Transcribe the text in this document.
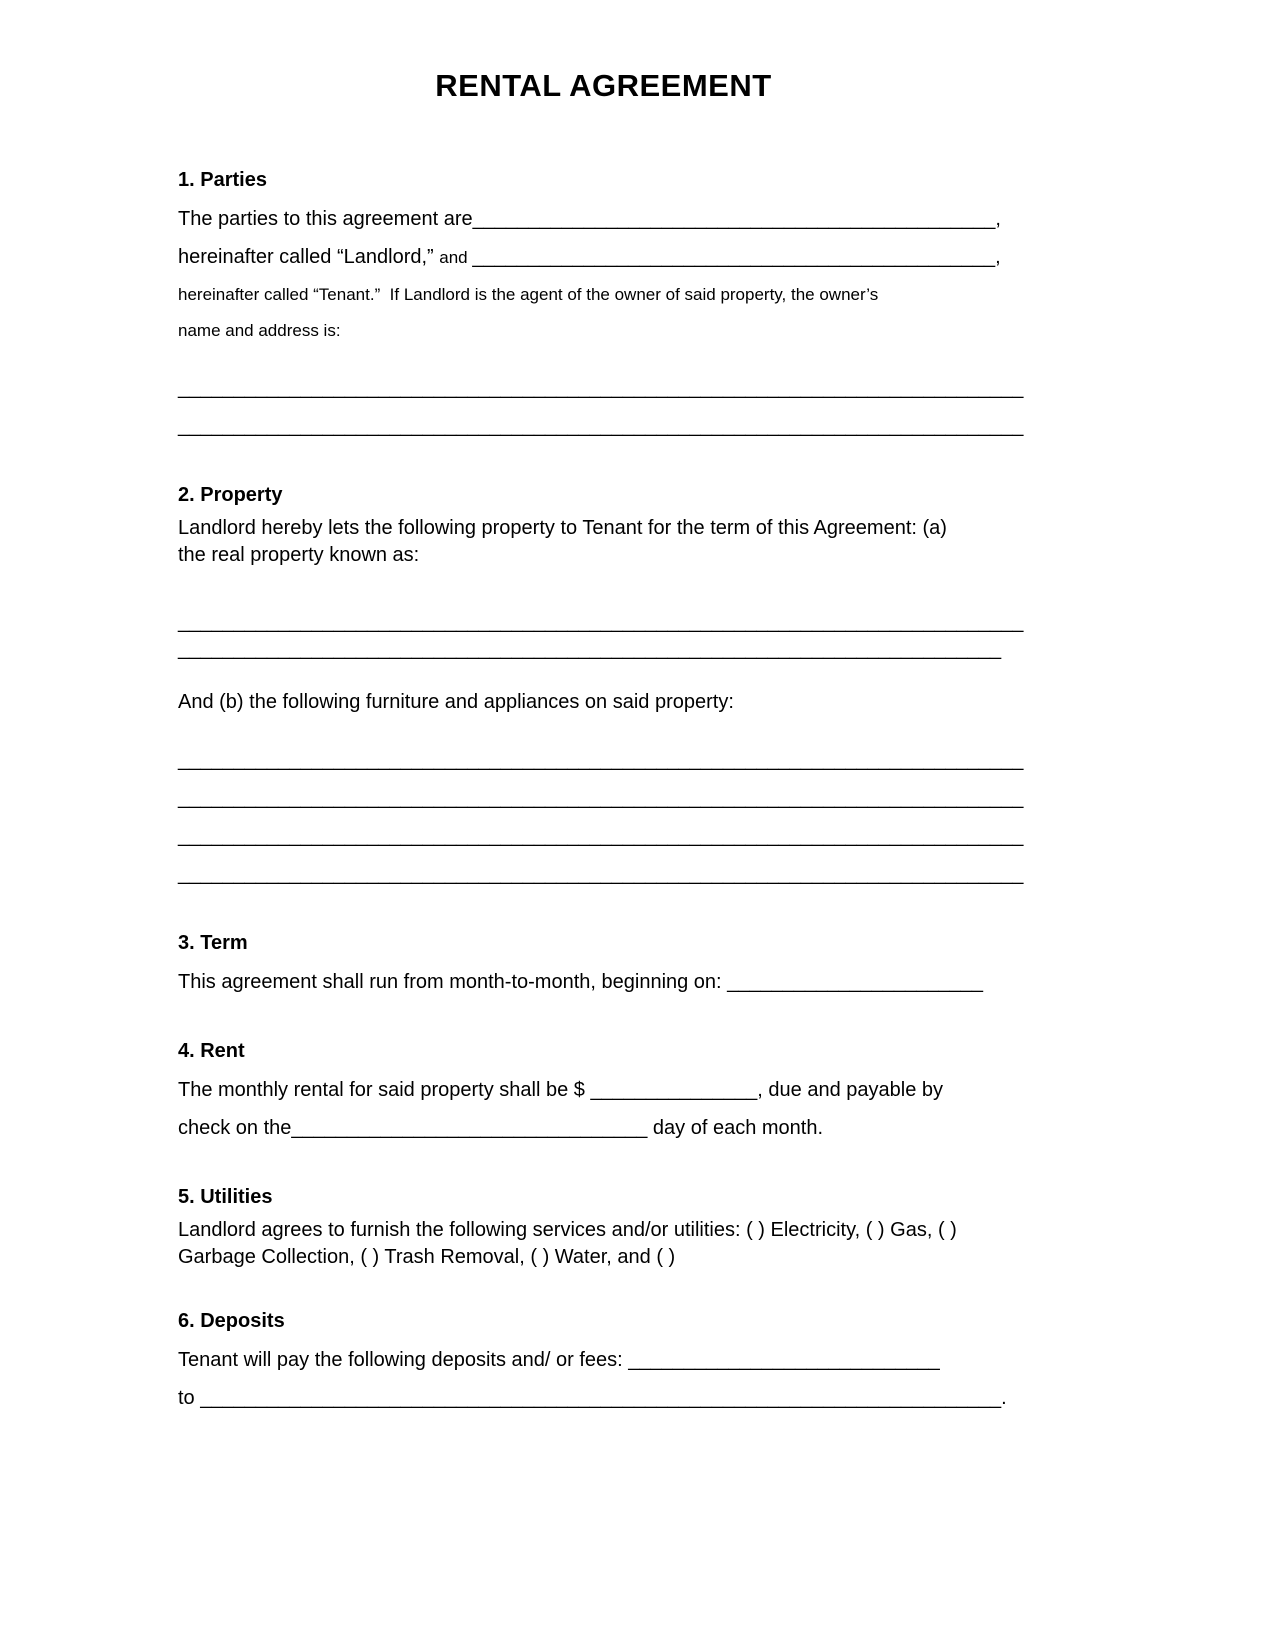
RENTAL AGREEMENT
1. Parties
The parties to this agreement are_______________________________________________,
hereinafter called “Landlord,” and _______________________________________________,
hereinafter called “Tenant.”  If Landlord is the agent of the owner of said property, the owner’s
name and address is:
____________________________________________________________________________
____________________________________________________________________________
2. Property
Landlord hereby lets the following property to Tenant for the term of this Agreement: (a)
the real property known as:
____________________________________________________________________________
__________________________________________________________________________
And (b) the following furniture and appliances on said property:
____________________________________________________________________________
____________________________________________________________________________
____________________________________________________________________________
____________________________________________________________________________
3. Term
This agreement shall run from month-to-month, beginning on: _______________________
4. Rent
The monthly rental for said property shall be $ _______________, due and payable by
check on the________________________________ day of each month.
5. Utilities
Landlord agrees to furnish the following services and/or utilities: ( ) Electricity, ( ) Gas, ( )
Garbage Collection, ( ) Trash Removal, ( ) Water, and ( )
6. Deposits
Tenant will pay the following deposits and/ or fees: ____________________________
to ________________________________________________________________________.
